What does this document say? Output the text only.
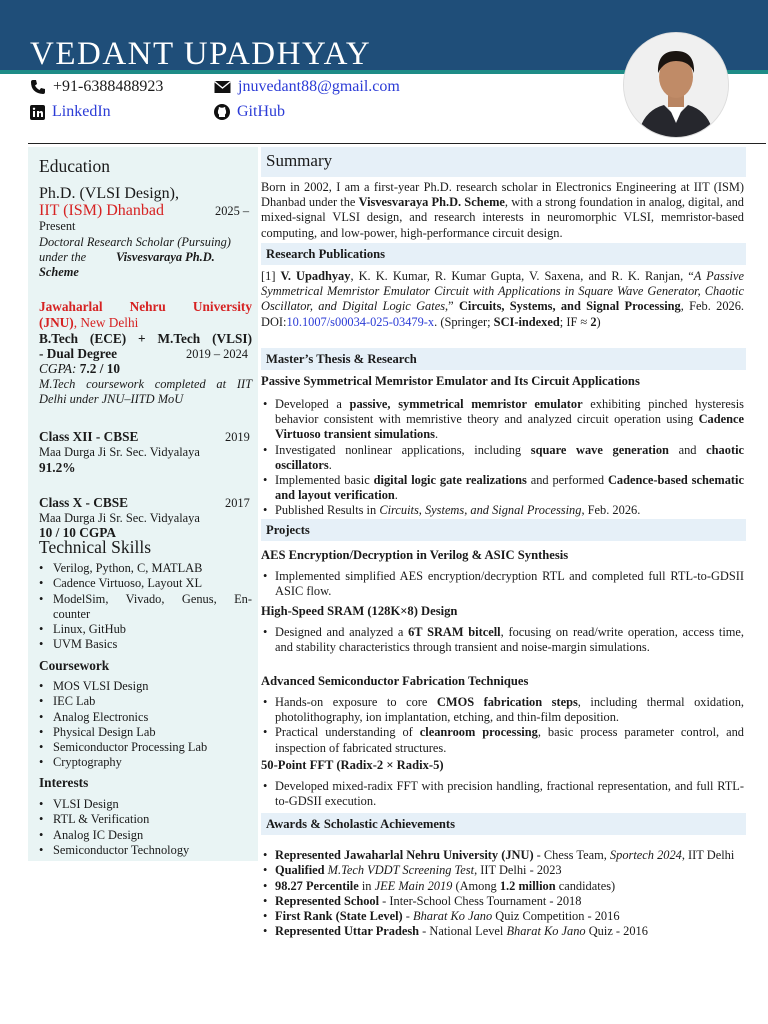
VEDANT UPADHYAY
+91-6388488923	jnuvedant88@gmail.com
LinkedIn	GitHub
Education
Ph.D. (VLSI Design),
IIT (ISM) Dhanbad	2025 –
Present
Doctoral Research Scholar (Pursuing)
under the Visvesvaraya Ph.D.
Scheme
Jawaharlal Nehru University
(JNU), New Delhi
B.Tech (ECE) + M.Tech (VLSI)
- Dual Degree	2019 – 2024
CGPA: 7.2 / 10
M.Tech coursework completed at IIT
Delhi under JNU–IITD MoU
Class XII - CBSE	2019
Maa Durga Ji Sr. Sec. Vidyalaya
91.2%
Class X - CBSE	2017
Maa Durga Ji Sr. Sec. Vidyalaya
10 / 10 CGPA
Technical Skills
• Verilog, Python, C, MATLAB
• Cadence Virtuoso, Layout XL
• ModelSim, Vivado, Genus, En-
counter
• Linux, GitHub
• UVM Basics
Coursework
• MOS VLSI Design
• IEC Lab
• Analog Electronics
• Physical Design Lab
• Semiconductor Processing Lab
• Cryptography
Interests
• VLSI Design
• RTL & Verification
• Analog IC Design
• Semiconductor Technology
Summary
Born in 2002, I am a first-year Ph.D. research scholar in Electronics Engineering at IIT (ISM) Dhanbad under the Visvesvaraya Ph.D. Scheme, with a strong foundation in analog, digital, and mixed-signal VLSI design, and research interests in neuromorphic VLSI, memristor-based computing, and low-power, high-performance circuit design.
Research Publications
[1] V. Upadhyay, K. K. Kumar, R. Kumar Gupta, V. Saxena, and R. K. Ranjan, “A Passive Symmetrical Memristor Emulator Circuit with Applications in Square Wave Generator, Chaotic Oscillator, and Digital Logic Gates,” Circuits, Systems, and Signal Processing, Feb. 2026. DOI:10.1007/s00034-025-03479-x. (Springer; SCI-indexed; IF ≈ 2)
Master’s Thesis & Research
Passive Symmetrical Memristor Emulator and Its Circuit Applications
• Developed a passive, symmetrical memristor emulator exhibiting pinched hysteresis behavior consistent with memristive theory and analyzed circuit operation using Cadence Virtuoso transient simulations.
• Investigated nonlinear applications, including square wave generation and chaotic oscillators.
• Implemented basic digital logic gate realizations and performed Cadence-based schematic and layout verification.
• Published Results in Circuits, Systems, and Signal Processing, Feb. 2026.
Projects
AES Encryption/Decryption in Verilog & ASIC Synthesis
• Implemented simplified AES encryption/decryption RTL and completed full RTL-to-GDSII ASIC flow.
High-Speed SRAM (128K×8) Design
• Designed and analyzed a 6T SRAM bitcell, focusing on read/write operation, access time, and stability characteristics through transient and noise-margin simulations.
Advanced Semiconductor Fabrication Techniques
• Hands-on exposure to core CMOS fabrication steps, including thermal oxidation, photolithography, ion implantation, etching, and thin-film deposition.
• Practical understanding of cleanroom processing, basic process parameter control, and inspection of fabricated structures.
50-Point FFT (Radix-2 × Radix-5)
• Developed mixed-radix FFT with precision handling, fractional representation, and full RTL-to-GDSII execution.
Awards & Scholastic Achievements
• Represented Jawaharlal Nehru University (JNU) - Chess Team, Sportech 2024, IIT Delhi
• Qualified M.Tech VDDT Screening Test, IIT Delhi - 2023
• 98.27 Percentile in JEE Main 2019 (Among 1.2 million candidates)
• Represented School - Inter-School Chess Tournament - 2018
• First Rank (State Level) - Bharat Ko Jano Quiz Competition - 2016
• Represented Uttar Pradesh - National Level Bharat Ko Jano Quiz - 2016
